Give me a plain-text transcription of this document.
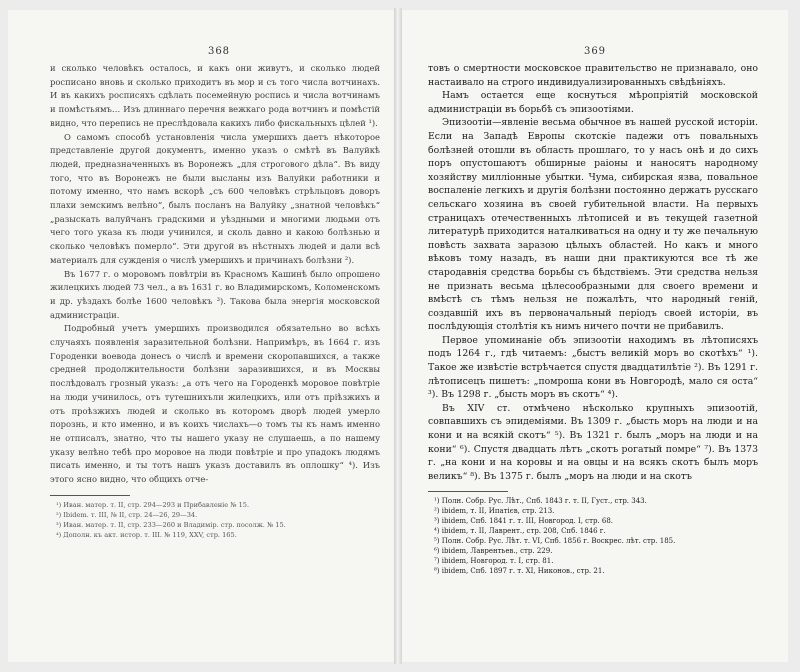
368

и сколько человѣкъ осталось, и какъ они живутъ, и сколько людей росписано вновь и сколько приходитъ въ мор и съ того числа вотчинахъ. И въ какихъ росписяхъ сдѣлать посемейную роспись и числа вотчинамъ и помѣстьямъ… Изъ длиннаго перечня вежкаго рода вотчинъ и помѣстій видно, что перепись не преслѣдовала какихъ либо фискальныхъ цѣлей ¹).

О самомъ способѣ установленія числа умершихъ даетъ нѣкоторое представленіе другой документъ, именно указъ о смѣтѣ въ Валуйкѣ людей, предназначенныхъ въ Воронежъ „для строгового дѣла“. Въ виду того, что въ Воронежъ не были высланы изъ Валуйки работники и потому именно, что намъ вскорѣ „съ 600 человѣкъ стрѣльцовъ доворъ плахи земскимъ велѣно“, былъ посланъ на Валуйку „знатной человѣкъ“ „разыскать валуйчанъ градскими и уѣздными и многими людьми отъ чего того указа къ люди учинился, и сколь давно и какою болѣзнью и сколько человѣкъ померло“. Эти другой въ нѣстныхъ людей и дали всѣ материалъ для сужденія о числѣ умершихъ и причинахъ болѣзни ²).

Въ 1677 г. о моровомъ повѣтріи въ Красномъ Кашинѣ было опрошено жилецкихъ людей 73 чел., а въ 1631 г. во Владимирскомъ, Коломенскомъ и др. уѣздахъ болѣе 1600 человѣкъ ³). Такова была энергія московской администраціи.

Подробный учетъ умершихъ производился обязательно во всѣхъ случаяхъ появленія заразительной болѣзни. Напримѣръ, въ 1664 г. изъ Городенки воевода донесъ о числѣ и времени скоропавшихся, а также средней продолжительности болѣзни заразившихся, и въ Москвы послѣдовалъ грозный указъ: „а отъ чего на Городенкѣ моровое повѣтріе на люди учинилось, отъ тутешнихъли жилецкихъ, или отъ пріѣзжихъ и отъ проѣзжихъ людей и сколько въ которомъ дворѣ людей умерло порознь, и кто именно, и въ коихъ числахъ—о томъ ты къ намъ именно не отписалъ, знатно, что ты нашего указу не слушаешь, а по нашему указу велѣно тебѣ про моровое на люди повѣтріе и про упадокъ людямъ писать именно, и ты тотъ нашъ указъ доставилъ въ оплошку“ ⁴). Изъ этого ясно видно, что общихъ отче-

¹) Иван. матер. т. II, стр. 294—293 и Прибавленіе № 15.
²) Ibidem. т. III, № II, стр. 24—26, 29—34.
³) Иван. матер. т. II, стр. 233—260 и Владимір. стр. посолж. № 15.
⁴) Дополн. къ акт. истор. т. III. № 119, XXV, стр. 165.
369

товъ о смертности московское правительство не признавало, оно настаивало на строго индивидуализированныхъ свѣдѣніяхъ.

Намъ остается еще коснуться мѣропріятій московской администраціи въ борьбѣ съ эпизоотіями.

Эпизоотіи—явленіе весьма обычное въ нашей русской исторіи. Если на Западѣ Европы скотскіе падежи отъ повальныхъ болѣзней отошли въ область прошлаго, то у насъ онѣ и до сихъ поръ опустошаютъ обширные раіоны и наносятъ народному хозяйству милліонные убытки. Чума, сибирская язва, повальное воспаленіе легкихъ и другія болѣзни постоянно держатъ русскаго сельскаго хозяина въ своей губительной власти. На первыхъ страницахъ отечественныхъ лѣтописей и въ текущей газетной литературѣ приходится наталкиваться на одну и ту же печальную повѣсть захвата заразою цѣлыхъ областей. Но какъ и много вѣковъ тому назадъ, въ наши дни практикуются все тѣ же стародавнія средства борьбы съ бѣдствіемъ. Эти средства нельзя не признать весьма цѣлесообразными для своего времени и вмѣстѣ съ тѣмъ нельзя не пожалѣть, что народный геній, создавшій ихъ въ первоначальный періодъ своей исторіи, въ послѣдующія столѣтія къ нимъ ничего почти не прибавилъ.

Первое упоминаніе объ эпизоотіи находимъ въ лѣтописяхъ подъ 1264 г., гдѣ читаемъ: „быстъ великій моръ во скотѣхъ“ ¹). Такое же извѣстіе встрѣчается спустя двадцатилѣтіе ²). Въ 1291 г. лѣтописецъ пишетъ: „помроша кони въ Новгородѣ, мало ся оста“ ³). Въ 1298 г. „бысть моръ въ скотъ“ ⁴).

Въ XIV ст. отмѣчено нѣсколько крупныхъ эпизоотій, совпавшихъ съ эпидеміями. Въ 1309 г. „бысть моръ на люди и на кони и на всякій скотъ“ ⁵). Въ 1321 г. былъ „моръ на люди и на кони“ ⁶). Спустя двадцать лѣтъ „скотъ рогатый помре“ ⁷). Въ 1373 г. „на кони и на коровы и на овцы и на всякъ скотъ былъ моръ великъ“ ⁸). Въ 1375 г. былъ „моръ на люди и на скотъ

¹) Полн. Собр. Рус. Лѣт., Спб. 1843 г. т. II, Густ., стр. 343.
²) ibidem, т. II, Ипатієв, стр. 213.
³) ibidem, Спб. 1841 г. т. III, Новгород. I, стр. 68.
⁴) ibidem, т. II, Лаврент., стр. 208, Спб. 1846 г.
⁵) Полн. Собр. Рус. Лѣт. т. VI, Спб. 1856 г. Воскрес. лѣт. стр. 185.
⁶) ibidem, Лаврентьев., стр. 229.
⁷) ibidem, Новгород. т. I, стр. 81.
⁸) ibidem, Спб. 1897 г. т. XI, Никонов., стр. 21.
